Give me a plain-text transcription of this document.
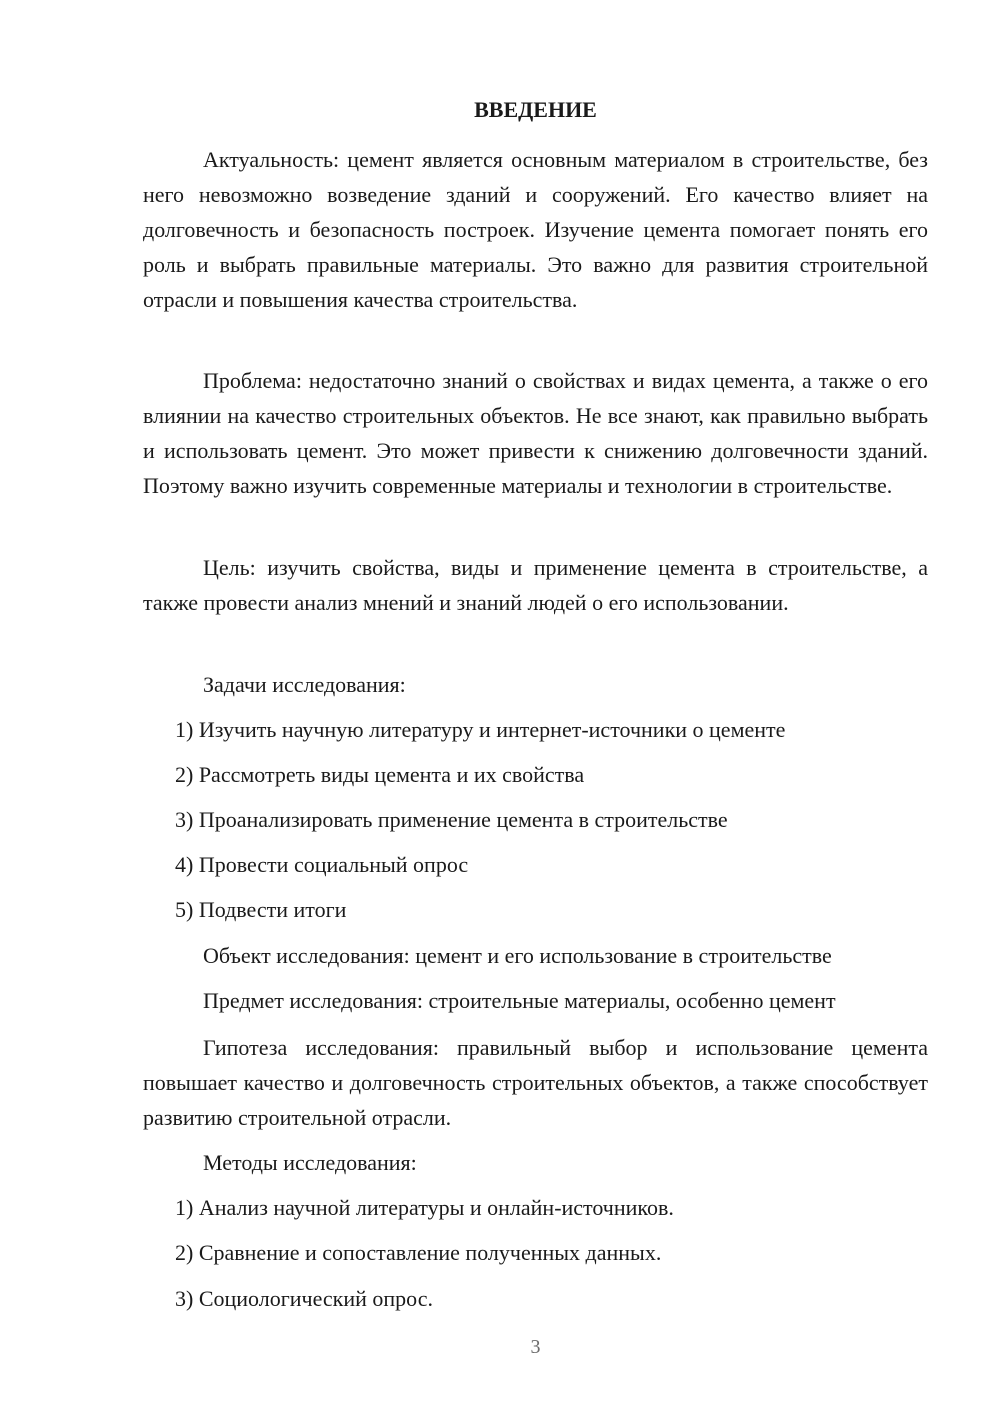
ВВЕДЕНИЕ

Актуальность: цемент является основным материалом в строительстве, без него невозможно возведение зданий и сооружений. Его качество влияет на долговечность и безопасность построек. Изучение цемента помогает понять его роль и выбрать правильные материалы. Это важно для развития строительной отрасли и повышения качества строительства.

Проблема: недостаточно знаний о свойствах и видах цемента, а также о его влиянии на качество строительных объектов. Не все знают, как правильно выбрать и использовать цемент. Это может привести к снижению долговечности зданий. Поэтому важно изучить современные материалы и технологии в строительстве.

Цель: изучить свойства, виды и применение цемента в строительстве, а также провести анализ мнений и знаний людей о его использовании.

Задачи исследования:

1) Изучить научную литературу и интернет-источники о цементе

2) Рассмотреть виды цемента и их свойства

3) Проанализировать применение цемента в строительстве

4) Провести социальный опрос

5) Подвести итоги

Объект исследования: цемент и его использование в строительстве

Предмет исследования: строительные материалы, особенно цемент

Гипотеза исследования: правильный выбор и использование цемента повышает качество и долговечность строительных объектов, а также способствует развитию строительной отрасли.

Методы исследования:

1) Анализ научной литературы и онлайн-источников.

2) Сравнение и сопоставление полученных данных.

3) Социологический опрос.

3
